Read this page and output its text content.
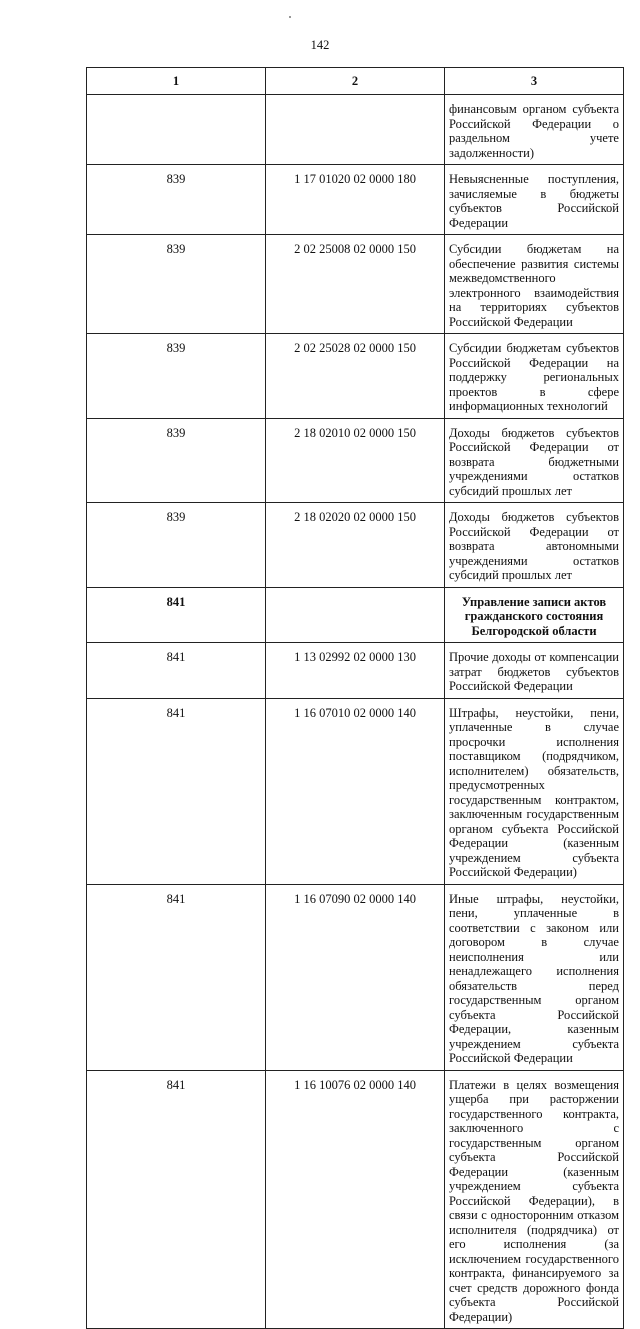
142
1	2	3
		финансовым органом субъекта Российской Федерации о раздельном учете задолженности)
839	1 17 01020 02 0000 180	Невыясненные поступления, зачисляемые в бюджеты субъектов Российской Федерации
839	2 02 25008 02 0000 150	Субсидии бюджетам на обеспечение развития системы межведомственного электронного взаимодействия на территориях субъектов Российской Федерации
839	2 02 25028 02 0000 150	Субсидии бюджетам субъектов Российской Федерации на поддержку региональных проектов в сфере информационных технологий
839	2 18 02010 02 0000 150	Доходы бюджетов субъектов Российской Федерации от возврата бюджетными учреждениями остатков субсидий прошлых лет
839	2 18 02020 02 0000 150	Доходы бюджетов субъектов Российской Федерации от возврата автономными учреждениями остатков субсидий прошлых лет
841		Управление записи актов гражданского состояния Белгородской области
841	1 13 02992 02 0000 130	Прочие доходы от компенсации затрат бюджетов субъектов Российской Федерации
841	1 16 07010 02 0000 140	Штрафы, неустойки, пени, уплаченные в случае просрочки исполнения поставщиком (подрядчиком, исполнителем) обязательств, предусмотренных государственным контрактом, заключенным государственным органом субъекта Российской Федерации (казенным учреждением субъекта Российской Федерации)
841	1 16 07090 02 0000 140	Иные штрафы, неустойки, пени, уплаченные в соответствии с законом или договором в случае неисполнения или ненадлежащего исполнения обязательств перед государственным органом субъекта Российской Федерации, казенным учреждением субъекта Российской Федерации
841	1 16 10076 02 0000 140	Платежи в целях возмещения ущерба при расторжении государственного контракта, заключенного с государственным органом субъекта Российской Федерации (казенным учреждением субъекта Российской Федерации), в связи с односторонним отказом исполнителя (подрядчика) от его исполнения (за исключением государственного контракта, финансируемого за счет средств дорожного фонда субъекта Российской Федерации)
